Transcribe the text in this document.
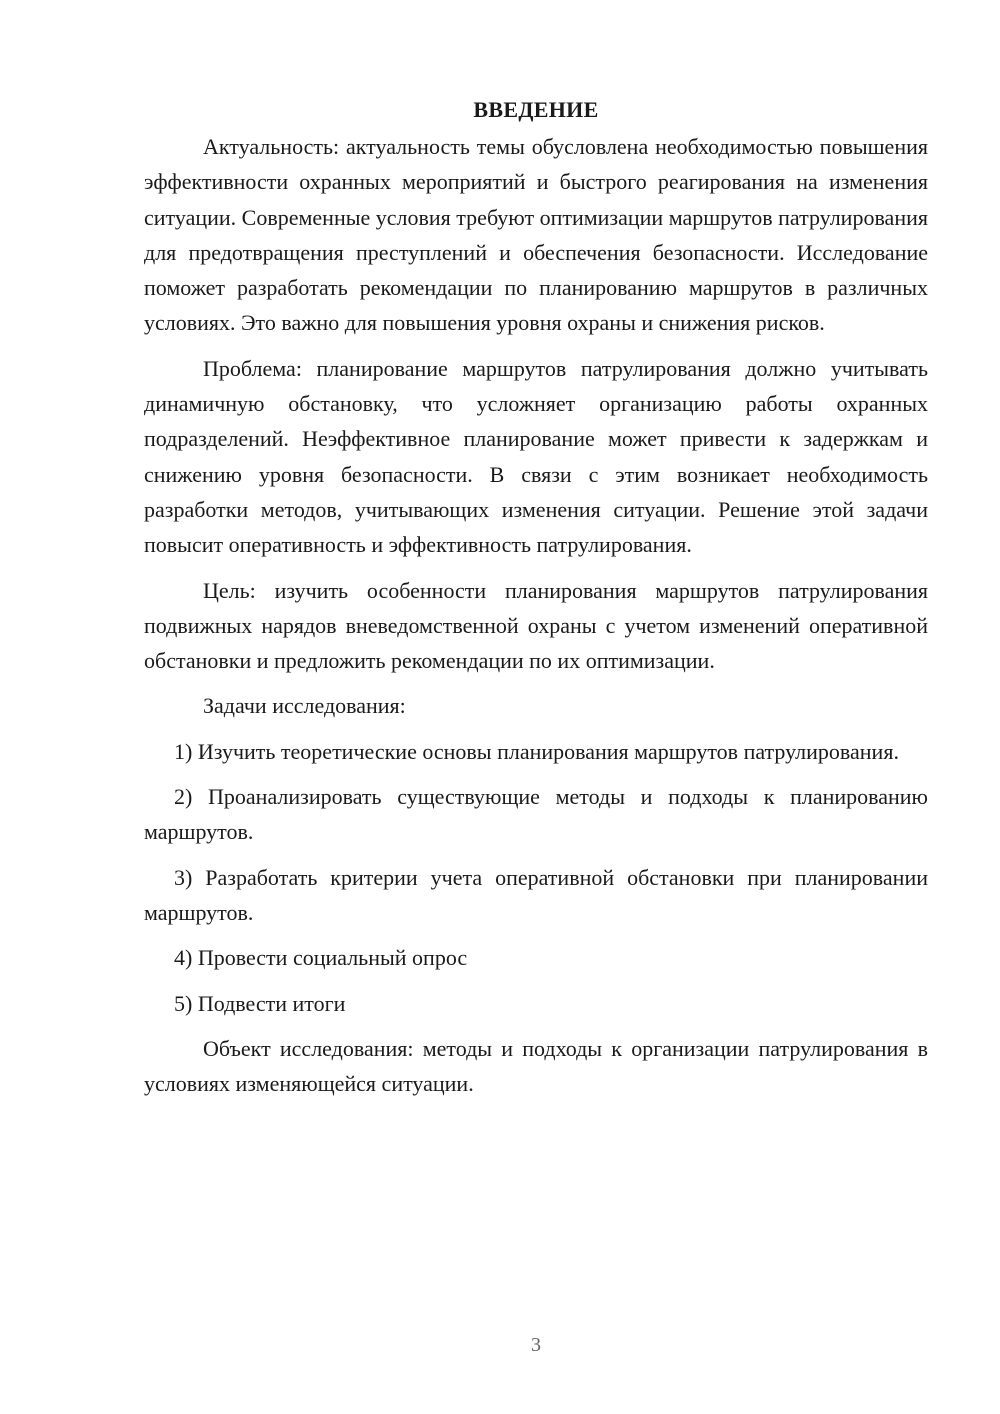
ВВЕДЕНИЕ

Актуальность: актуальность темы обусловлена необходимостью повышения эффективности охранных мероприятий и быстрого реагирования на изменения ситуации. Современные условия требуют оптимизации маршрутов патрулирования для предотвращения преступлений и обеспечения безопасности. Исследование поможет разработать рекомендации по планированию маршрутов в различных условиях. Это важно для повышения уровня охраны и снижения рисков.

Проблема: планирование маршрутов патрулирования должно учитывать динамичную обстановку, что усложняет организацию работы охранных подразделений. Неэффективное планирование может привести к задержкам и снижению уровня безопасности. В связи с этим возникает необходимость разработки методов, учитывающих изменения ситуации. Решение этой задачи повысит оперативность и эффективность патрулирования.

Цель: изучить особенности планирования маршрутов патрулирования подвижных нарядов вневедомственной охраны с учетом изменений оперативной обстановки и предложить рекомендации по их оптимизации.

Задачи исследования:

1) Изучить теоретические основы планирования маршрутов патрулирования.

2) Проанализировать существующие методы и подходы к планированию маршрутов.

3) Разработать критерии учета оперативной обстановки при планировании маршрутов.

4) Провести социальный опрос

5) Подвести итоги

Объект исследования: методы и подходы к организации патрулирования в условиях изменяющейся ситуации.

3
